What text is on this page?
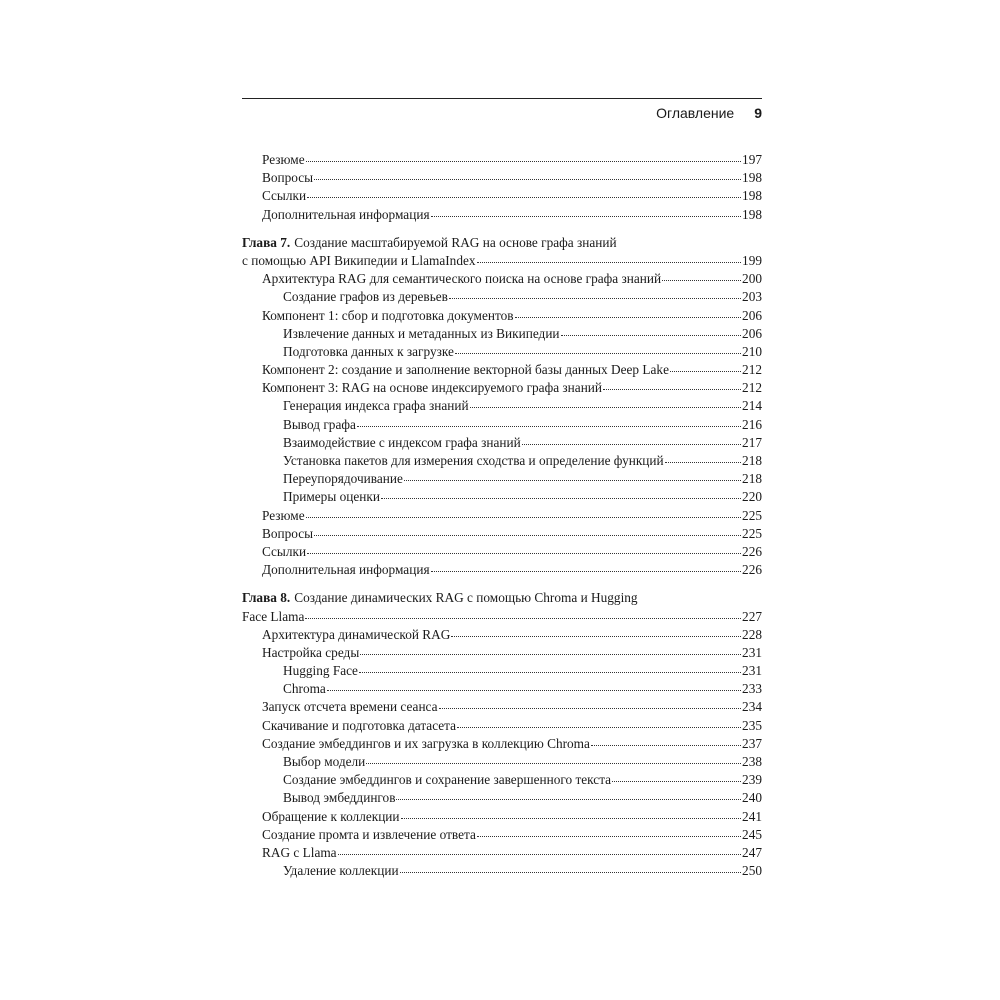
Оглавление 9
Резюме	197
Вопросы	198
Ссылки	198
Дополнительная информация	198
Глава 7. Создание масштабируемой RAG на основе графа знаний
с помощью API Википедии и LlamaIndex	199
Архитектура RAG для семантического поиска на основе графа знаний	200
Создание графов из деревьев	203
Компонент 1: сбор и подготовка документов	206
Извлечение данных и метаданных из Википедии	206
Подготовка данных к загрузке	210
Компонент 2: создание и заполнение векторной базы данных Deep Lake	212
Компонент 3: RAG на основе индексируемого графа знаний	212
Генерация индекса графа знаний	214
Вывод графа	216
Взаимодействие с индексом графа знаний	217
Установка пакетов для измерения сходства и определение функций	218
Переупорядочивание	218
Примеры оценки	220
Резюме	225
Вопросы	225
Ссылки	226
Дополнительная информация	226
Глава 8. Создание динамических RAG с помощью Chroma и Hugging
Face Llama	227
Архитектура динамической RAG	228
Настройка среды	231
Hugging Face	231
Chroma	233
Запуск отсчета времени сеанса	234
Скачивание и подготовка датасета	235
Создание эмбеддингов и их загрузка в коллекцию Chroma	237
Выбор модели	238
Создание эмбеддингов и сохранение завершенного текста	239
Вывод эмбеддингов	240
Обращение к коллекции	241
Создание промта и извлечение ответа	245
RAG с Llama	247
Удаление коллекции	250
